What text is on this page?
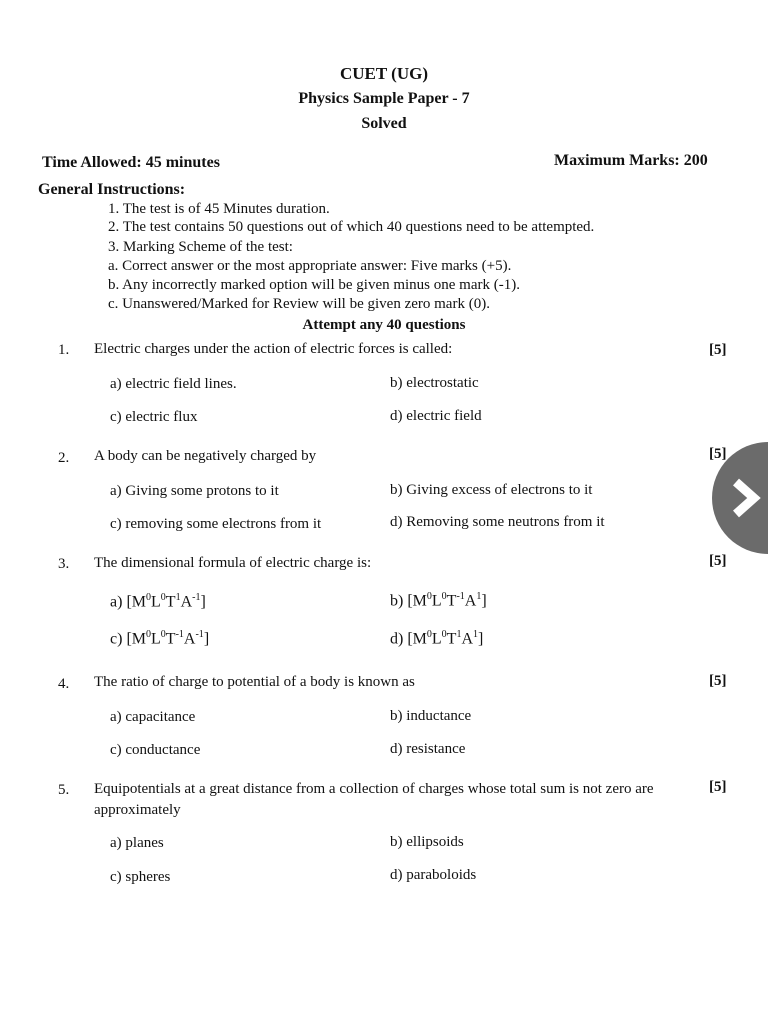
CUET (UG)
Physics Sample Paper - 7
Solved
Time Allowed: 45 minutes	Maximum Marks: 200
General Instructions:
1. The test is of 45 Minutes duration.
2. The test contains 50 questions out of which 40 questions need to be attempted.
3. Marking Scheme of the test:
a. Correct answer or the most appropriate answer: Five marks (+5).
b. Any incorrectly marked option will be given minus one mark (-1).
c. Unanswered/Marked for Review will be given zero mark (0).
Attempt any 40 questions
1. Electric charges under the action of electric forces is called:	[5]
a) electric field lines.	b) electrostatic
c) electric flux	d) electric field
2. A body can be negatively charged by	[5]
a) Giving some protons to it	b) Giving excess of electrons to it
c) removing some electrons from it	d) Removing some neutrons from it
3. The dimensional formula of electric charge is:	[5]
a) $[M^0L^0T^1A^{-1}]$	b) $[M^0L^0T^{-1}A^1]$
c) $[M^0L^0T^{-1}A^{-1}]$	d) $[M^0L^0T^1A^1]$
4. The ratio of charge to potential of a body is known as	[5]
a) capacitance	b) inductance
c) conductance	d) resistance
5. Equipotentials at a great distance from a collection of charges whose total sum is not zero are approximately
[5]
a) planes	b) ellipsoids
c) spheres	d) paraboloids
